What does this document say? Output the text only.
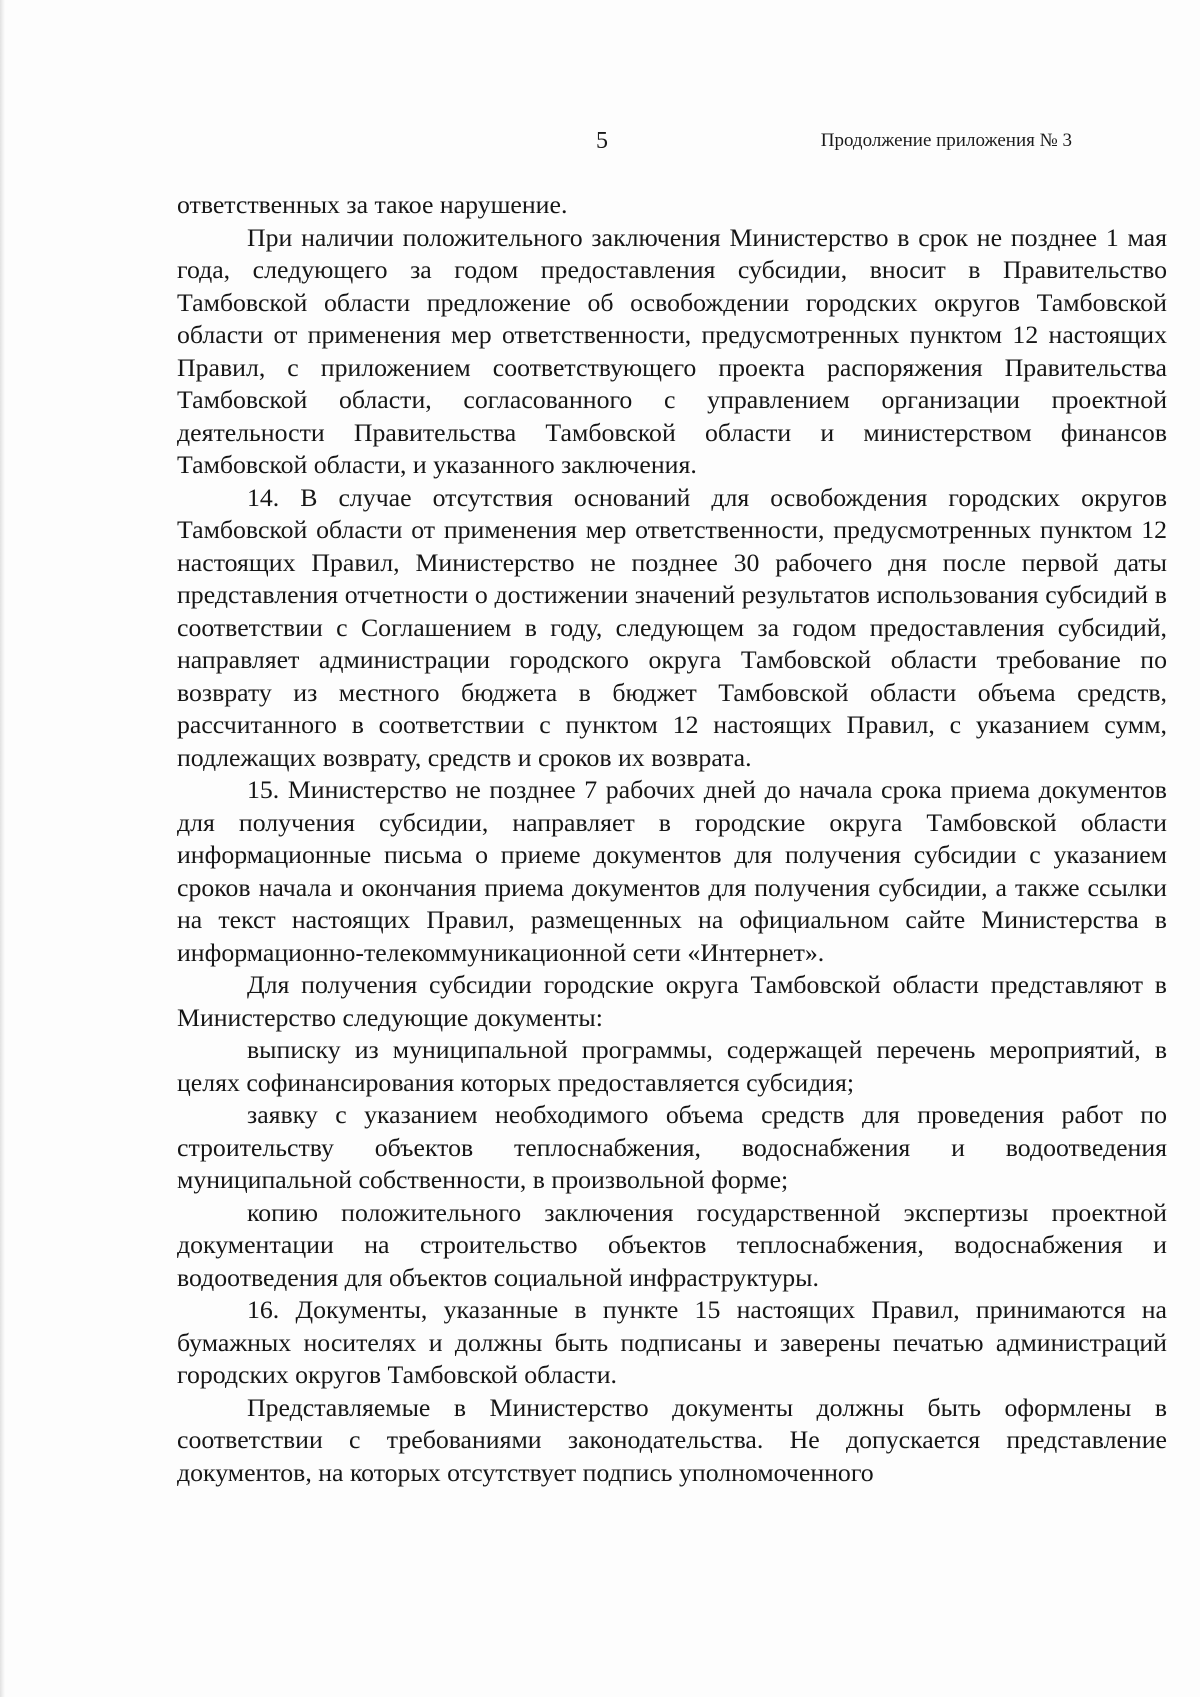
5	Продолжение приложения № 3

ответственных за такое нарушение.

При наличии положительного заключения Министерство в срок не позднее 1 мая года, следующего за годом предоставления субсидии, вносит в Правительство Тамбовской области предложение об освобождении городских округов Тамбовской области от применения мер ответственности, предусмотренных пунктом 12 настоящих Правил, с приложением соответствующего проекта распоряжения Правительства Тамбовской области, согласованного с управлением организации проектной деятельности Правительства Тамбовской области и министерством финансов Тамбовской области, и указанного заключения.

14. В случае отсутствия оснований для освобождения городских округов Тамбовской области от применения мер ответственности, предусмотренных пунктом 12 настоящих Правил, Министерство не позднее 30 рабочего дня после первой даты представления отчетности о достижении значений результатов использования субсидий в соответствии с Соглашением в году, следующем за годом предоставления субсидий, направляет администрации городского округа Тамбовской области требование по возврату из местного бюджета в бюджет Тамбовской области объема средств, рассчитанного в соответствии с пунктом 12 настоящих Правил, с указанием сумм, подлежащих возврату, средств и сроков их возврата.

15. Министерство не позднее 7 рабочих дней до начала срока приема документов для получения субсидии, направляет в городские округа Тамбовской области информационные письма о приеме документов для получения субсидии с указанием сроков начала и окончания приема документов для получения субсидии, а также ссылки на текст настоящих Правил, размещенных на официальном сайте Министерства в информационно-телекоммуникационной сети «Интернет».

Для получения субсидии городские округа Тамбовской области представляют в Министерство следующие документы:

выписку из муниципальной программы, содержащей перечень мероприятий, в целях софинансирования которых предоставляется субсидия;

заявку с указанием необходимого объема средств для проведения работ по строительству объектов теплоснабжения, водоснабжения и водоотведения муниципальной собственности, в произвольной форме;

копию положительного заключения государственной экспертизы проектной документации на строительство объектов теплоснабжения, водоснабжения и водоотведения для объектов социальной инфраструктуры.

16. Документы, указанные в пункте 15 настоящих Правил, принимаются на бумажных носителях и должны быть подписаны и заверены печатью администраций городских округов Тамбовской области.

Представляемые в Министерство документы должны быть оформлены в соответствии с требованиями законодательства. Не допускается представление документов, на которых отсутствует подпись уполномоченного
